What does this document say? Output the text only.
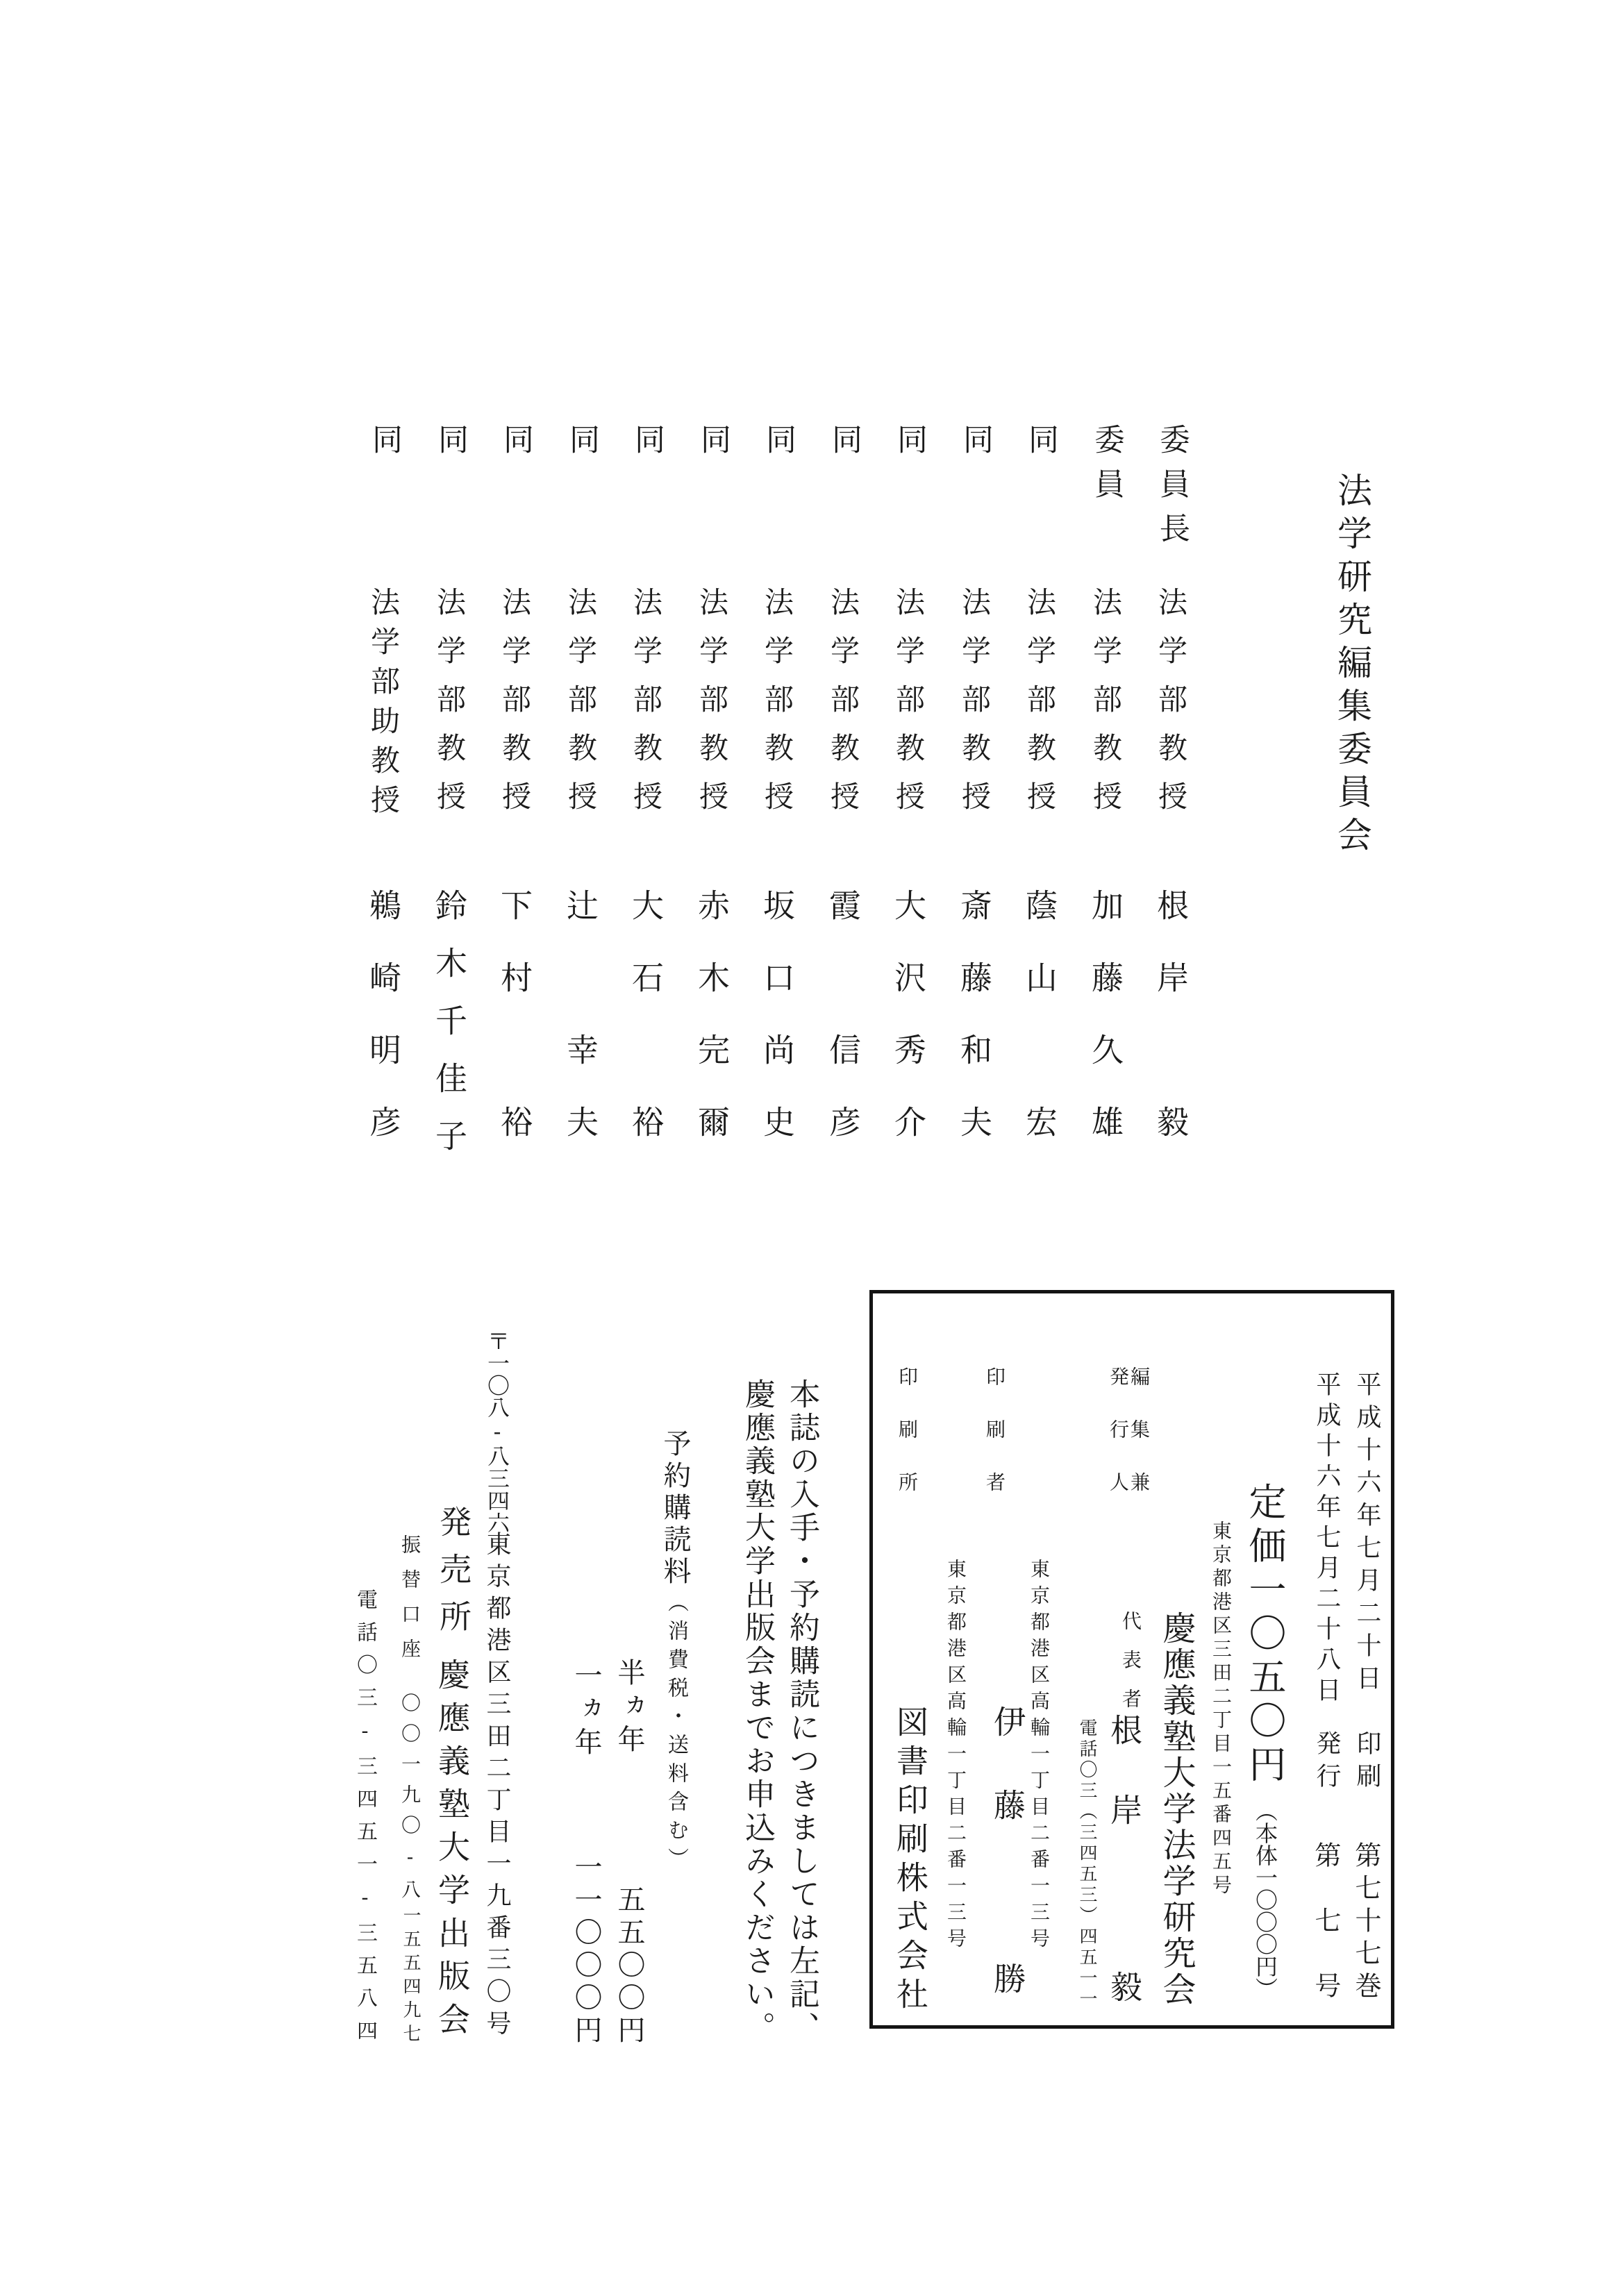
法学研究編集委員会
委員長
法学部教授
根岸　毅
委員
法学部教授
加藤久雄
同
法学部教授
蔭山　宏
同
法学部教授
斎藤和夫
同
法学部教授
大沢秀介
同
法学部教授
霞　信彦
同
法学部教授
坂口尚史
同
法学部教授
赤木完爾
同
法学部教授
大石　裕
同
法学部教授
辻　幸夫
同
法学部教授
下村　裕
同
法学部教授
鈴木千佳子
同
法学部助教授
鵜崎明彦
平成十六年七月二十日
印刷
第七十七巻
平成十六年七月二十八日
発行
第　七　号
定価一〇五〇円
（本体一〇〇〇円）
東京都港区三田二丁目一五番四五号
慶應義塾大学法学研究会
編集兼
発行人
代表者
根岸
毅
電話〇三（三四五三）四五一一
東京都港区高輪一丁目二番一三号
印刷者
伊藤
勝
東京都港区高輪一丁目二番一三号
印刷所
図書印刷株式会社
本誌の入手・予約購読につきましては左記、
慶應義塾大学出版会までお申込みください。
予約購読料
（消費税・送料含む）
半ヵ年
五五〇〇円
一ヵ年
一一〇〇〇円
〒一〇八-八三四六
東京都港区三田二丁目一九番三〇号
発売所
慶應義塾大学出版会
振替口座
〇〇一九〇-八
一五五四九七
電話〇三-三四五一-三五八四
